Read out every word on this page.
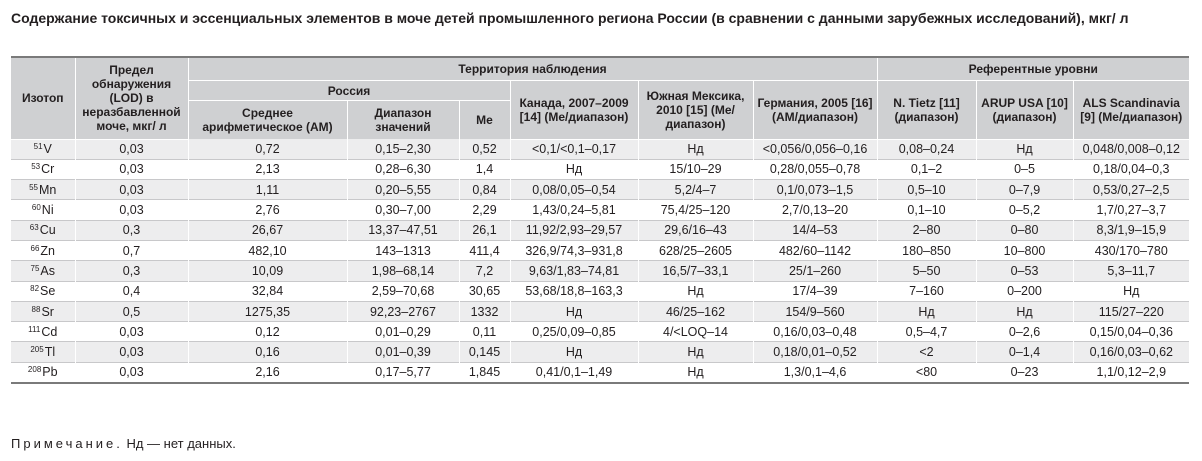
Содержание токсичных и эссенциальных элементов в моче детей промышленного региона России (в сравнении с данными зарубежных исследований), мкг/ л
Изотоп	Предел обнаружения (LOD) в неразбавленной моче, мкг/ л	Территория наблюдения						Референтные уровни		
		Россия			Канада, 2007–2009 [14] (Ме/диапазон)	Южная Мексика, 2010 [15] (Ме/диапазон)	Германия, 2005 [16] (АМ/диапазон)	N. Tietz [11] (диапазон)	ARUP USA [10] (диапазон)	ALS Scandinavia [9] (Ме/диапазон)
		Среднее арифметическое (АМ)	Диапазон значений	Ме						
$^{51}$V	0,03	0,72	0,15–2,30	0,52	<0,1/<0,1–0,17	Нд	<0,056/0,056–0,16	0,08–0,24	Нд	0,048/0,008–0,12
$^{53}$Cr	0,03	2,13	0,28–6,30	1,4	Нд	15/10–29	0,28/0,055–0,78	0,1–2	0–5	0,18/0,04–0,3
$^{55}$Mn	0,03	1,11	0,20–5,55	0,84	0,08/0,05–0,54	5,2/4–7	0,1/0,073–1,5	0,5–10	0–7,9	0,53/0,27–2,5
$^{60}$Ni	0,03	2,76	0,30–7,00	2,29	1,43/0,24–5,81	75,4/25–120	2,7/0,13–20	0,1–10	0–5,2	1,7/0,27–3,7
$^{63}$Cu	0,3	26,67	13,37–47,51	26,1	11,92/2,93–29,57	29,6/16–43	14/4–53	2–80	0–80	8,3/1,9–15,9
$^{66}$Zn	0,7	482,10	143–1313	411,4	326,9/74,3–931,8	628/25–2605	482/60–1142	180–850	10–800	430/170–780
$^{75}$As	0,3	10,09	1,98–68,14	7,2	9,63/1,83–74,81	16,5/7–33,1	25/1–260	5–50	0–53	5,3–11,7
$^{82}$Se	0,4	32,84	2,59–70,68	30,65	53,68/18,8–163,3	Нд	17/4–39	7–160	0–200	Нд
$^{88}$Sr	0,5	1275,35	92,23–2767	1332	Нд	46/25–162	154/9–560	Нд	Нд	115/27–220
$^{111}$Cd	0,03	0,12	0,01–0,29	0,11	0,25/0,09–0,85	4/<LOQ–14	0,16/0,03–0,48	0,5–4,7	0–2,6	0,15/0,04–0,36
$^{205}$Tl	0,03	0,16	0,01–0,39	0,145	Нд	Нд	0,18/0,01–0,52	<2	0–1,4	0,16/0,03–0,62
$^{208}$Pb	0,03	2,16	0,17–5,77	1,845	0,41/0,1–1,49	Нд	1,3/0,1–4,6	<80	0–23	1,1/0,12–2,9
Примечание. Нд — нет данных.
